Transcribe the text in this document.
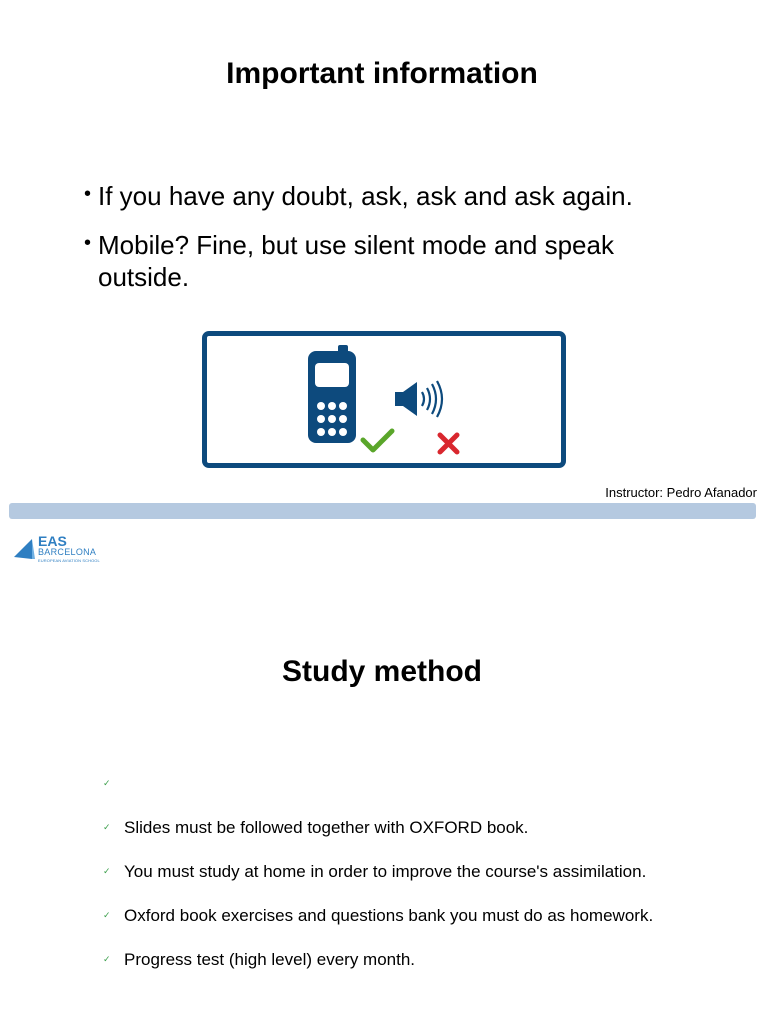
Important information
• If you have any doubt, ask, ask and ask again.
• Mobile? Fine, but use silent mode and speak outside.
Instructor: Pedro Afanador
EAS
BARCELONA
EUROPEAN AVIATION SCHOOL
Study method
✓
✓ Slides must be followed together with OXFORD book.
✓ You must study at home in order to improve the course's assimilation.
✓ Oxford book exercises and questions bank you must do as homework.
✓ Progress test (high level) every month.
